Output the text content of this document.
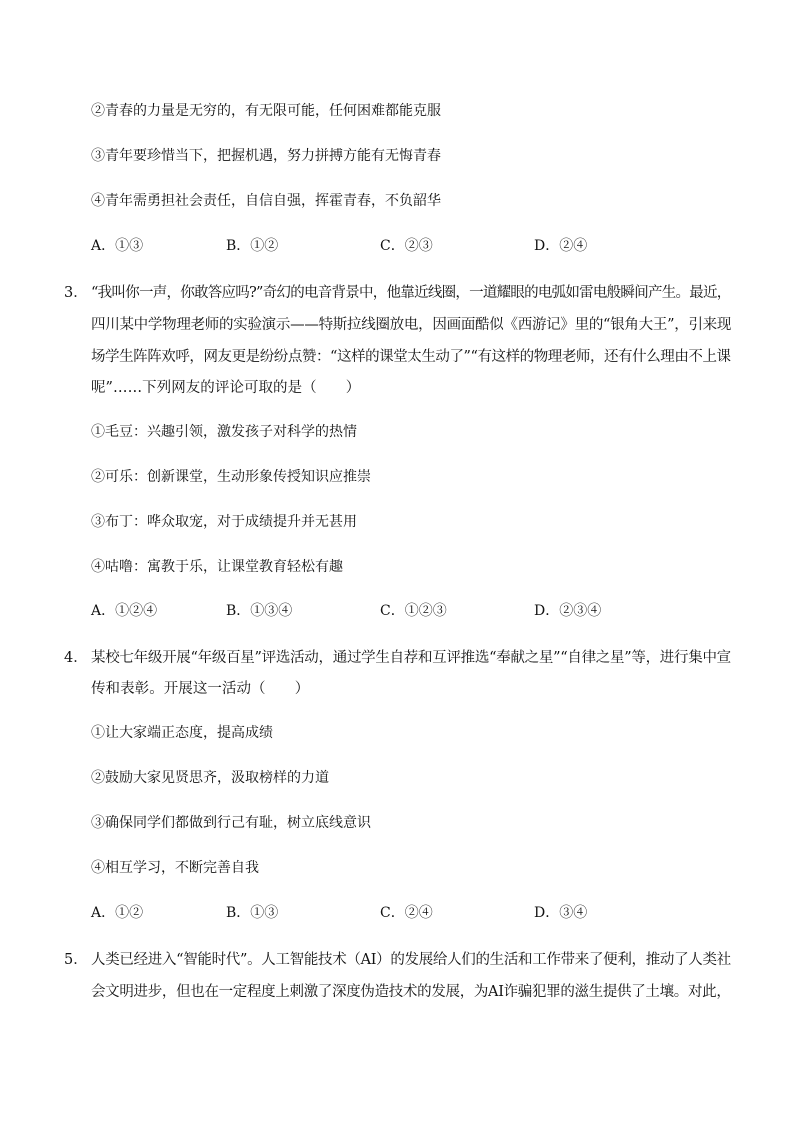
②青春的力量是无穷的，有无限可能，任何困难都能克服
③青年要珍惜当下，把握机遇，努力拼搏方能有无悔青春
④青年需勇担社会责任，自信自强，挥霍青春，不负韶华
A．①③	B．①②	C．②③	D．②④
3． “我叫你一声，你敢答应吗?”奇幻的电音背景中，他靠近线圈，一道耀眼的电弧如雷电般瞬间产生。最近，
四川某中学物理老师的实验演示——特斯拉线圈放电，因画面酷似《西游记》里的“银角大王”，引来现
场学生阵阵欢呼，网友更是纷纷点赞：“这样的课堂太生动了”“有这样的物理老师，还有什么理由不上课
呢”……下列网友的评论可取的是（　　）
①毛豆：兴趣引领，激发孩子对科学的热情
②可乐：创新课堂，生动形象传授知识应推崇
③布丁：哗众取宠，对于成绩提升并无甚用
④咕噜：寓教于乐，让课堂教育轻松有趣
A．①②④	B．①③④	C．①②③	D．②③④
4． 某校七年级开展“年级百星”评选活动，通过学生自荐和互评推选“奉献之星”“自律之星”等，进行集中宣
传和表彰。开展这一活动（　　）
①让大家端正态度，提高成绩
②鼓励大家见贤思齐，汲取榜样的力道
③确保同学们都做到行己有耻，树立底线意识
④相互学习，不断完善自我
A．①②	B．①③	C．②④	D．③④
5． 人类已经进入“智能时代”。人工智能技术（AI）的发展给人们的生活和工作带来了便利，推动了人类社
会文明进步，但也在一定程度上刺激了深度伪造技术的发展，为AI诈骗犯罪的滋生提供了土壤。对此，
